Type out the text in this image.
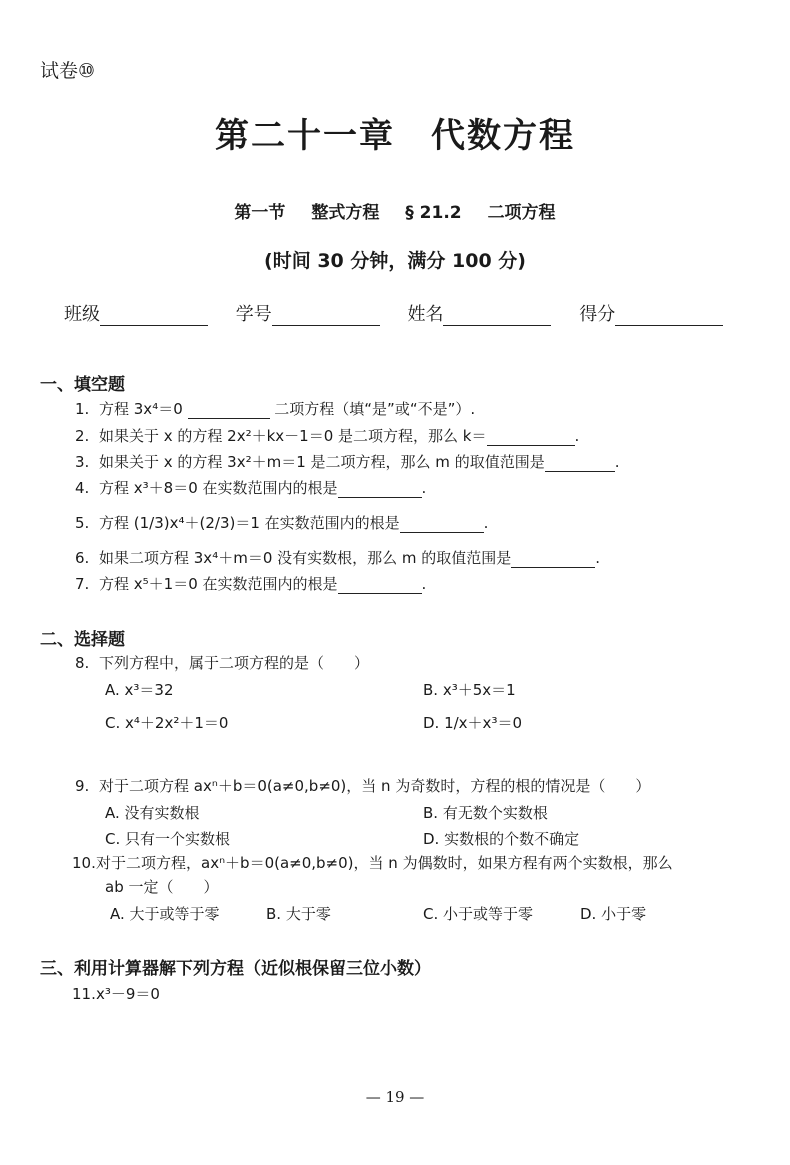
试卷⑩
第二十一章　代数方程
第一节 整式方程 § 21.2 二项方程
(时间 30 分钟，满分 100 分)
班级	学号	姓名	得分
一、填空题
1. 方程 3x⁴＝0	二项方程（填“是”或“不是”）.
2. 如果关于 x 的方程 2x²＋kx－1＝0 是二项方程，那么 k＝	.
3. 如果关于 x 的方程 3x²＋m＝1 是二项方程，那么 m 的取值范围是	.
4. 方程 x³＋8＝0 在实数范围内的根是	.
5. 方程 (1/3)x⁴＋(2/3)＝1 在实数范围内的根是	.
6. 如果二项方程 3x⁴＋m＝0 没有实数根，那么 m 的取值范围是	.
7. 方程 x⁵＋1＝0 在实数范围内的根是	.
二、选择题
8. 下列方程中，属于二项方程的是（　　）
A. x³＝32	B. x³＋5x＝1
C. x⁴＋2x²＋1＝0	D. 1/x＋x³＝0
9. 对于二项方程 axⁿ＋b＝0(a≠0,b≠0)，当 n 为奇数时，方程的根的情况是（　　）
A. 没有实数根	B. 有无数个实数根
C. 只有一个实数根	D. 实数根的个数不确定
10.对于二项方程，axⁿ＋b＝0(a≠0,b≠0)，当 n 为偶数时，如果方程有两个实数根，那么
ab 一定（　　）
A. 大于或等于零	B. 大于零	C. 小于或等于零	D. 小于零
三、利用计算器解下列方程（近似根保留三位小数）
11.x³－9＝0
— 19 —
